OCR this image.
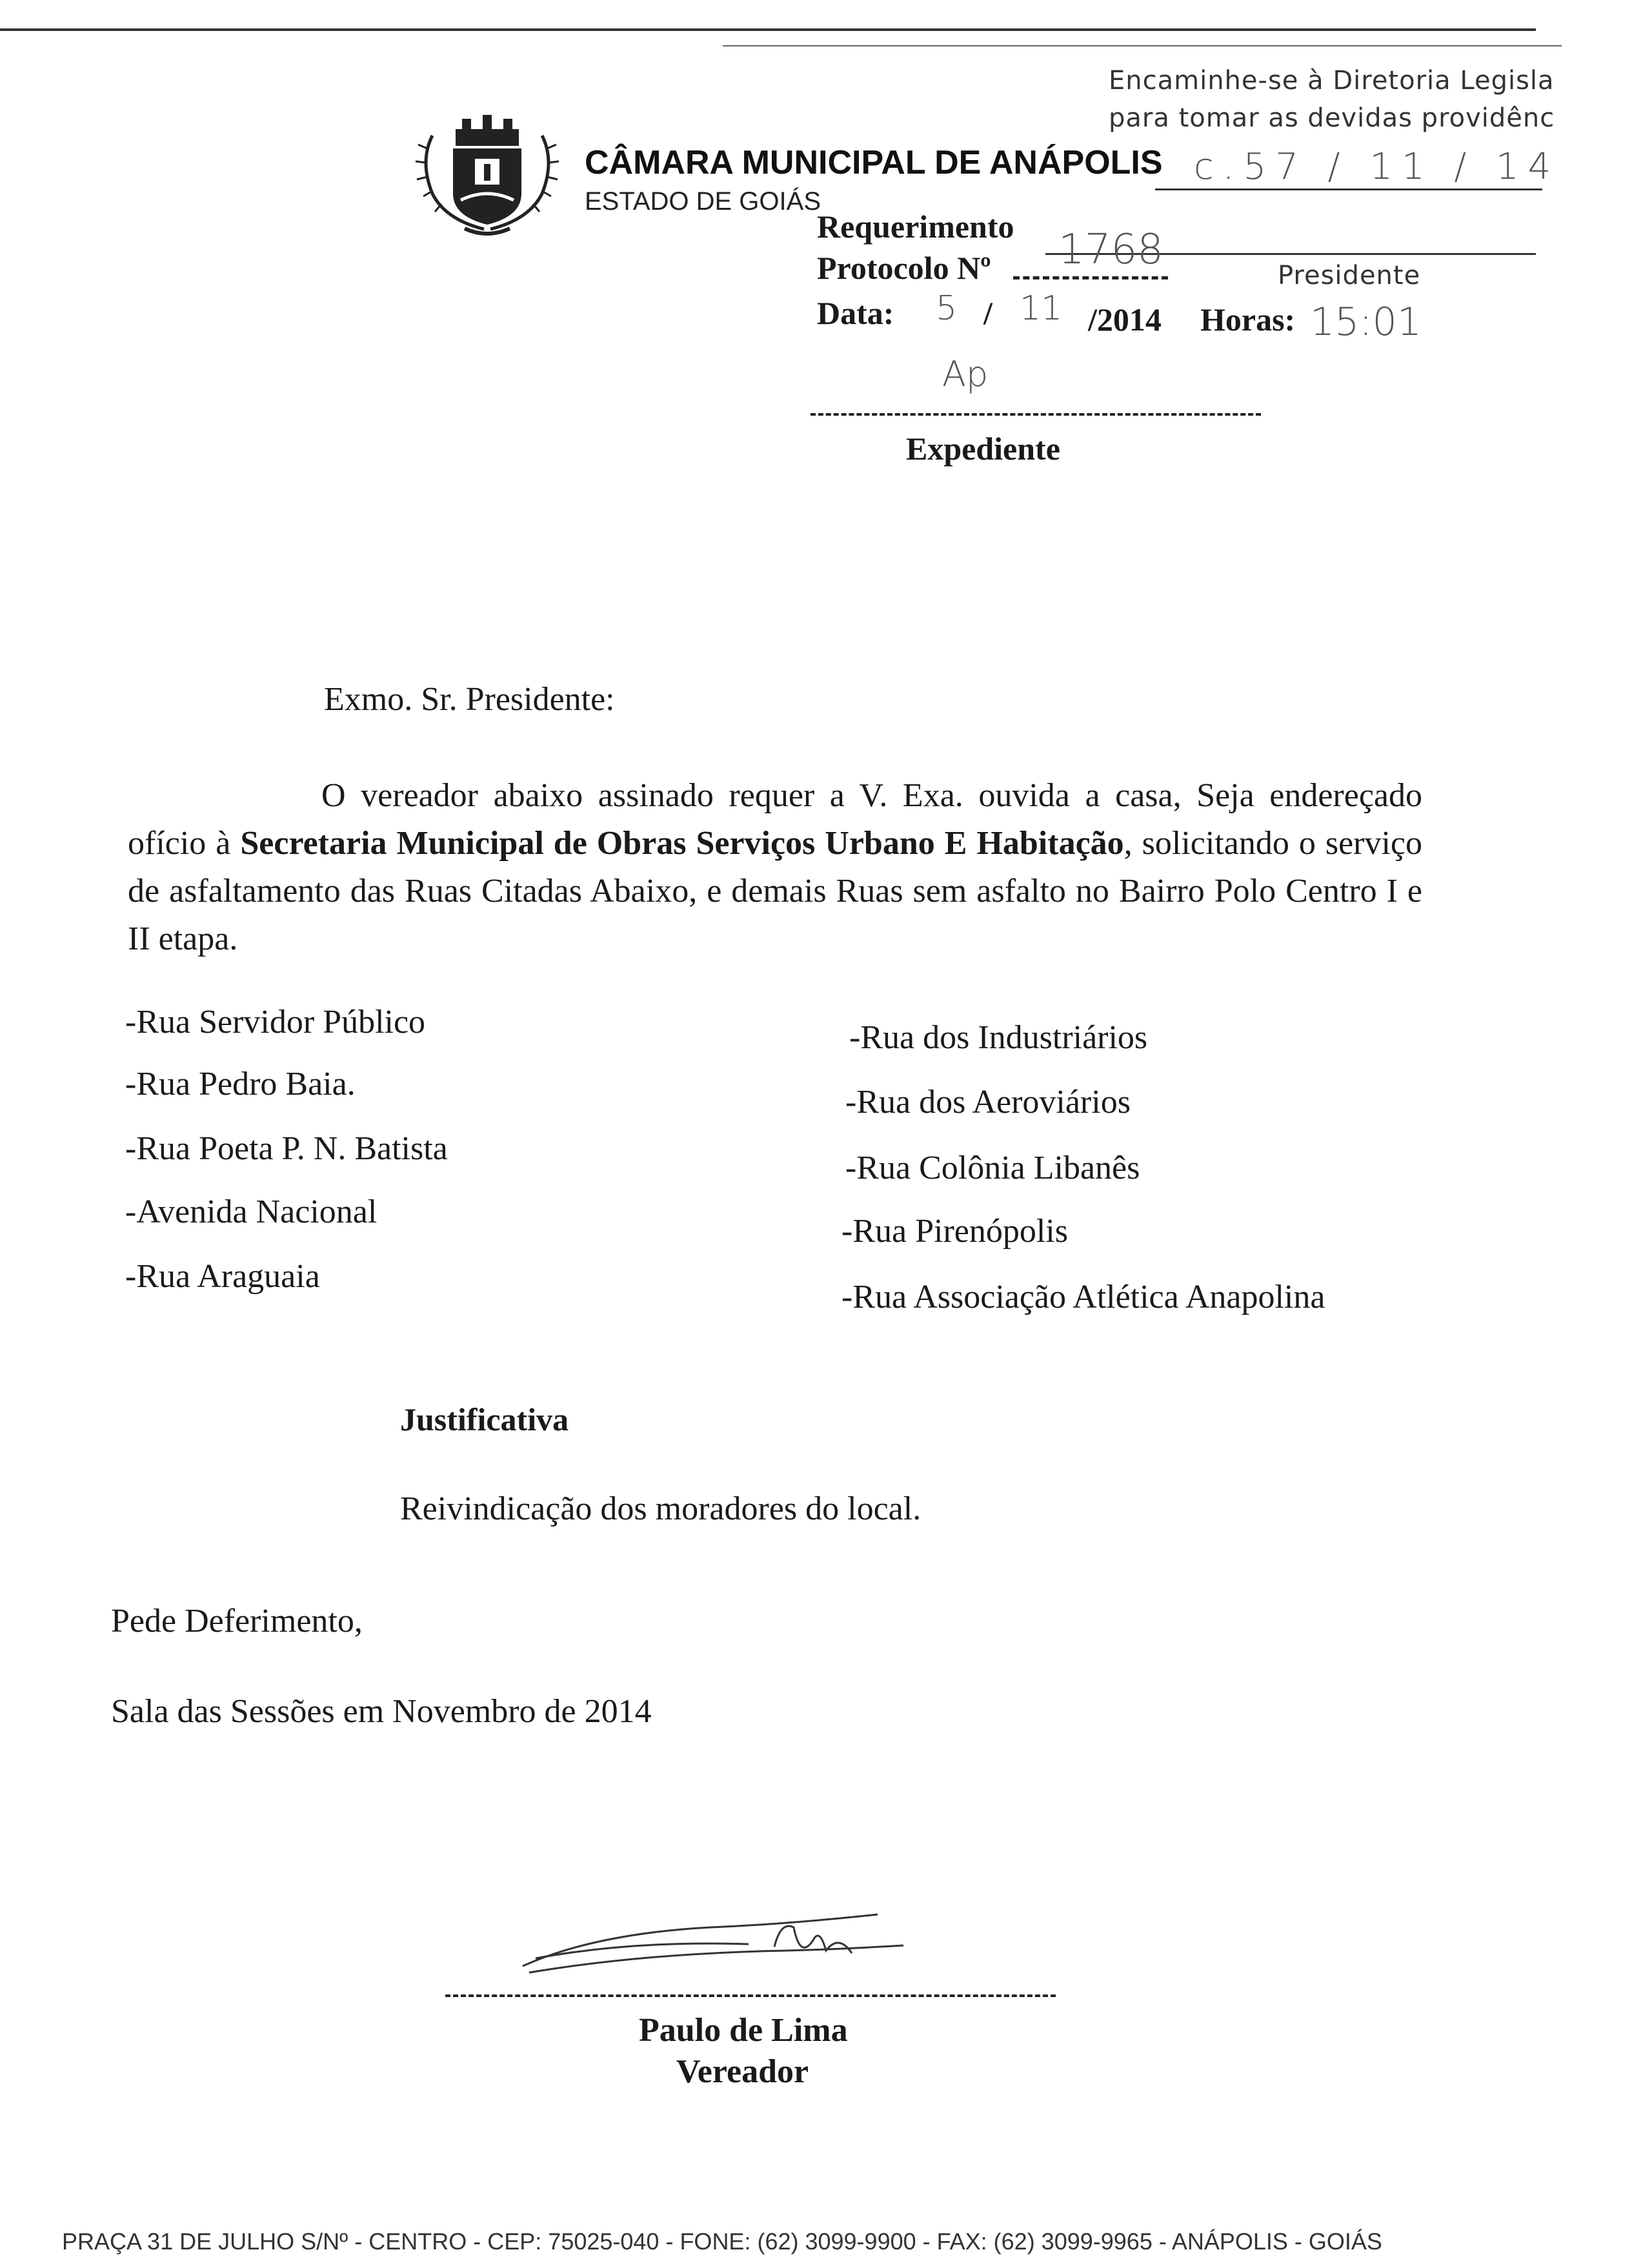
Encaminhe-se à Diretoria Legisla
para tomar as devidas providênc
c.57 / 11 / 14
Presidente
CÂMARA MUNICIPAL DE ANÁPOLIS
ESTADO DE GOIÁS
Requerimento
Protocolo Nº 1768
Data: 5 / 11 /2014 Horas: 15:01
Ap
Expediente
Exmo. Sr. Presidente:
O vereador abaixo assinado requer a V. Exa. ouvida a casa, Seja endereçado ofício à Secretaria Municipal de Obras Serviços Urbano E Habitação, solicitando o serviço de asfaltamento das Ruas Citadas Abaixo, e demais Ruas sem asfalto no Bairro Polo Centro I e II etapa.
-Rua Servidor Público
-Rua Pedro Baia.
-Rua Poeta P. N. Batista
-Avenida Nacional
-Rua Araguaia
-Rua dos Industriários
-Rua dos Aeroviários
-Rua Colônia Libanês
-Rua Pirenópolis
-Rua Associação Atlética Anapolina
Justificativa
Reivindicação dos moradores do local.
Pede Deferimento,
Sala das Sessões em Novembro de 2014
Paulo de Lima
Vereador
PRAÇA 31 DE JULHO S/Nº - CENTRO - CEP: 75025-040 - FONE: (62) 3099-9900 - FAX: (62) 3099-9965 - ANÁPOLIS - GOIÁS
